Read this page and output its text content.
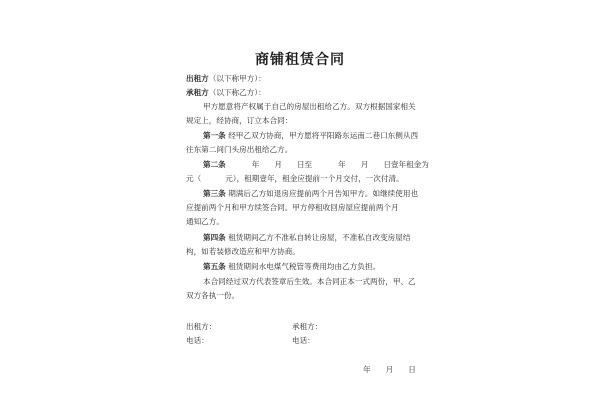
商铺租赁合同
出租方（以下称甲方）：
承租方（以下称乙方）：
甲方愿意将产权属于自己的房屋出租给乙方。双方根据国家相关
规定上，经协商，订立本合同：
第一条 经甲乙双方协商，甲方愿将平阳路东运南二巷口东侧从西
往东第二间门头房出租给乙方。
第二条	年 月 日至	年 月 日壹年租金为
元（	元），租期壹年，租金应提前一个月交付，一次付清。
第三条 期满后乙方如退房应提前两个月告知甲方。如继续使用也
应提前两个月和甲方续签合同。甲方停租收回房屋应提前两个月
通知乙方。
第四条 租赁期间乙方不准私自转让房屋，不准私自改变房屋结
构，如若装修改造应和甲方协商。
第五条 租赁期间水电煤气税管等费用均由乙方负担。
本合同经过双方代表签章后生效。本合同正本一式两份，甲、乙
双方各执一份。
出租方：	承租方：
电话：	电话：
年 月 日
